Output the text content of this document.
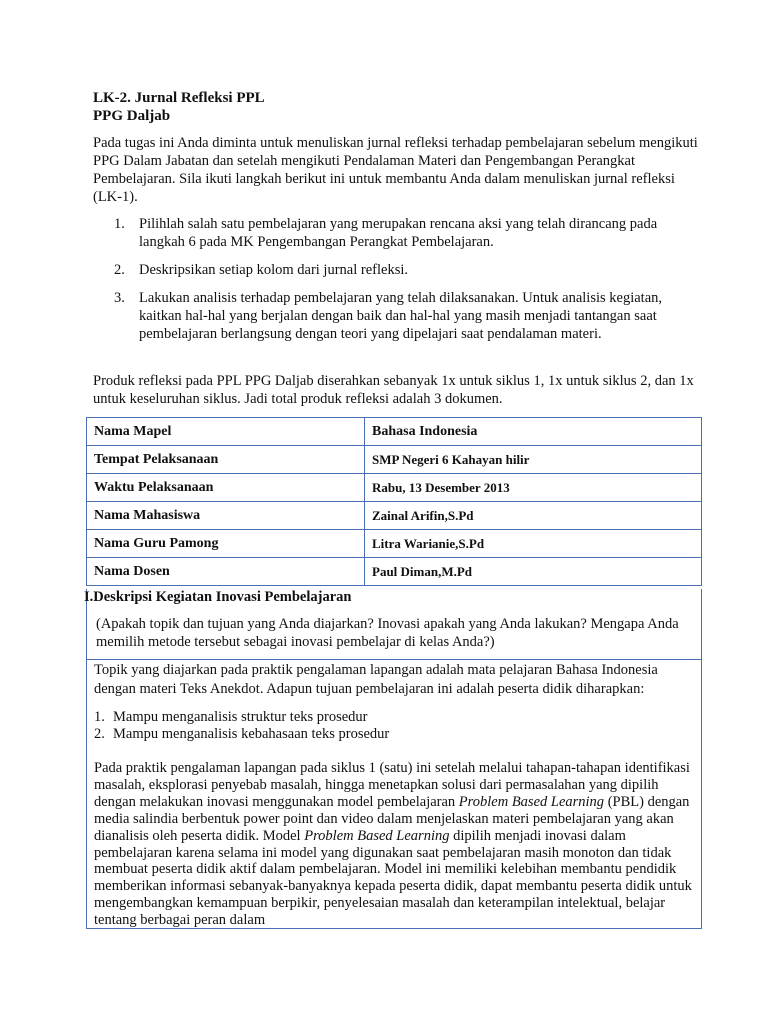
LK-2. Jurnal Refleksi PPL
PPG Daljab
Pada tugas ini Anda diminta untuk menuliskan jurnal refleksi terhadap pembelajaran sebelum mengikuti PPG Dalam Jabatan dan setelah mengikuti Pendalaman Materi dan Pengembangan Perangkat Pembelajaran. Sila ikuti langkah berikut ini untuk membantu Anda dalam menuliskan jurnal refleksi (LK-1).
1. Pilihlah salah satu pembelajaran yang merupakan rencana aksi yang telah dirancang pada langkah 6 pada MK Pengembangan Perangkat Pembelajaran.
2. Deskripsikan setiap kolom dari jurnal refleksi.
3. Lakukan analisis terhadap pembelajaran yang telah dilaksanakan. Untuk analisis kegiatan, kaitkan hal-hal yang berjalan dengan baik dan hal-hal yang masih menjadi tantangan saat pembelajaran berlangsung dengan teori yang dipelajari saat pendalaman materi.
Produk refleksi pada PPL PPG Daljab diserahkan sebanyak 1x untuk siklus 1, 1x untuk siklus 2, dan 1x untuk keseluruhan siklus. Jadi total produk refleksi adalah 3 dokumen.
Nama Mapel	Bahasa Indonesia
Tempat Pelaksanaan	SMP Negeri 6 Kahayan hilir
Waktu Pelaksanaan	Rabu, 13 Desember 2013
Nama Mahasiswa	Zainal Arifin,S.Pd
Nama Guru Pamong	Litra Warianie,S.Pd
Nama Dosen	Paul Diman,M.Pd
I.Deskripsi Kegiatan Inovasi Pembelajaran
(Apakah topik dan tujuan yang Anda diajarkan? Inovasi apakah yang Anda lakukan? Mengapa Anda memilih metode tersebut sebagai inovasi pembelajar di kelas Anda?)
Topik yang diajarkan pada praktik pengalaman lapangan adalah mata pelajaran Bahasa Indonesia dengan materi Teks Anekdot. Adapun tujuan pembelajaran ini adalah peserta didik diharapkan:
1. Mampu menganalisis struktur teks prosedur
2. Mampu menganalisis kebahasaan teks prosedur
Pada praktik pengalaman lapangan pada siklus 1 (satu) ini setelah melalui tahapan-tahapan identifikasi masalah, eksplorasi penyebab masalah, hingga menetapkan solusi dari permasalahan yang dipilih dengan melakukan inovasi menggunakan model pembelajaran Problem Based Learning (PBL) dengan media salindia berbentuk power point dan video dalam menjelaskan materi pembelajaran yang akan dianalisis oleh peserta didik. Model Problem Based Learning dipilih menjadi inovasi dalam pembelajaran karena selama ini model yang digunakan saat pembelajaran masih monoton dan tidak membuat peserta didik aktif dalam pembelajaran. Model ini memiliki kelebihan membantu pendidik memberikan informasi sebanyak-banyaknya kepada peserta didik, dapat membantu peserta didik untuk mengembangkan kemampuan berpikir, penyelesaian masalah dan keterampilan intelektual, belajar tentang berbagai peran dalam
